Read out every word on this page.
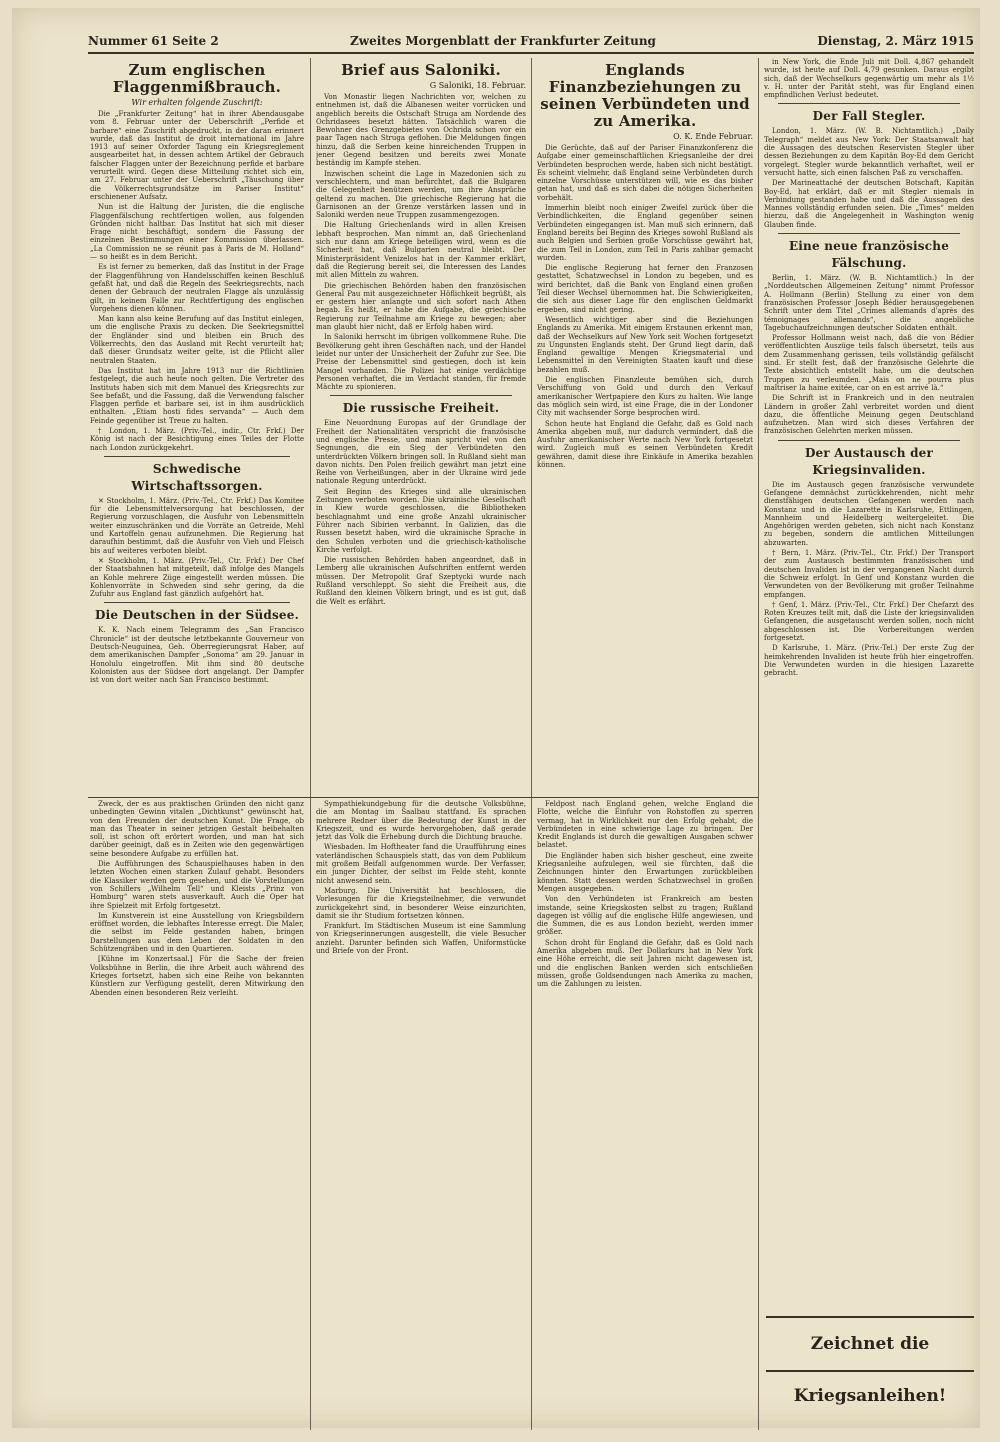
Nummer 61 Seite 2	Zweites Morgenblatt der Frankfurter Zeitung	Dienstag, 2. März 1915
Zum englischen Flaggenmißbrauch.
Wir erhalten folgende Zuschrift:

Die „Frankfurter Zeitung“ hat in ihrer Abendausgabe vom 8. Februar unter der Ueberschrift „Perfide et barbare“ eine Zuschrift abgedruckt, in der daran erinnert wurde, daß das Institut de droit international im Jahre 1913 auf seiner Oxforder Tagung ein Kriegsreglement ausgearbeitet hat, in dessen achtem Artikel der Gebrauch falscher Flaggen unter der Bezeichnung perfide et barbare verurteilt wird. Gegen diese Mitteilung richtet sich ein, am 27. Februar unter der Ueberschrift „Täuschung über die Völkerrechtsgrundsätze im Pariser Institut“ erschienener Aufsatz.

Nun ist die Haltung der Juristen, die die englische Flaggenfälschung rechtfertigen wollen, aus folgenden Gründen nicht haltbar. Das Institut hat sich mit dieser Frage nicht beschäftigt, sondern die Fassung der einzelnen Bestimmungen einer Kommission überlassen. „La Commission ne se réunit pas à Paris de M. Holland“ — so heißt es in dem Bericht.

Es ist ferner zu bemerken, daß das Institut in der Frage der Flaggenführung von Handelsschiffen keinen Beschluß gefaßt hat, und daß die Regeln des Seekriegsrechts, nach denen der Gebrauch der neutralen Flagge als unzulässig gilt, in keinem Falle zur Rechtfertigung des englischen Vorgehens dienen können.

Man kann also keine Berufung auf das Institut einlegen, um die englische Praxis zu decken. Die Seekriegsmittel der Engländer sind und bleiben ein Bruch des Völkerrechts, den das Ausland mit Recht verurteilt hat; daß dieser Grundsatz weiter gelte, ist die Pflicht aller neutralen Staaten.

Das Institut hat im Jahre 1913 nur die Richtlinien festgelegt, die auch heute noch gelten. Die Vertreter des Instituts haben sich mit dem Manuel des Kriegsrechts zur See befaßt, und die Fassung, daß die Verwendung falscher Flaggen perfide et barbare sei, ist in ihm ausdrücklich enthalten. „Etiam hosti fides servanda“ — Auch dem Feinde gegenüber ist Treue zu halten.

† London, 1. März. (Priv.-Tel., indir., Ctr. Frkf.) Der König ist nach der Besichtigung eines Teiles der Flotte nach London zurückgekehrt.

Schwedische Wirtschaftssorgen.

✕ Stockholm, 1. März. (Priv.-Tel., Ctr. Frkf.) Das Komitee für die Lebensmittelversorgung hat beschlossen, der Regierung vorzuschlagen, die Ausfuhr von Lebensmitteln weiter einzuschränken und die Vorräte an Getreide, Mehl und Kartoffeln genau aufzunehmen. Die Regierung hat daraufhin bestimmt, daß die Ausfuhr von Vieh und Fleisch bis auf weiteres verboten bleibt.

✕ Stockholm, 1. März. (Priv.-Tel., Ctr. Frkf.) Der Chef der Staatsbahnen hat mitgeteilt, daß infolge des Mangels an Kohle mehrere Züge eingestellt werden müssen. Die Kohlenvorräte in Schweden sind sehr gering, da die Zufuhr aus England fast gänzlich aufgehört hat.

Die Deutschen in der Südsee.

K. K. Nach einem Telegramm des „San Francisco Chronicle“ ist der deutsche letztbekannte Gouverneur von Deutsch-Neuguinea, Geh. Oberregierungsrat Haber, auf dem amerikanischen Dampfer „Sonoma“ am 29. Januar in Honolulu eingetroffen. Mit ihm sind 80 deutsche Kolonisten aus der Südsee dort angelangt. Der Dampfer ist von dort weiter nach San Francisco bestimmt.

Brief aus Saloniki.
G Saloniki, 18. Februar.

Von Monastir liegen Nachrichten vor, welchen zu entnehmen ist, daß die Albanesen weiter vorrücken und angeblich bereits die Ostschaft Struga am Nordende des Ochridasees besetzt hätten. Tatsächlich waren die Bewohner des Grenzgebietes von Ochrida schon vor ein paar Tagen nach Struga geflohen. Die Meldungen fingen hinzu, daß die Serben keine hinreichenden Truppen in jener Gegend besitzen und bereits zwei Monate beständig im Kampfe stehen.

Inzwischen scheint die Lage in Mazedonien sich zu verschlechtern, und man befürchtet, daß die Bulgaren die Gelegenheit benützen werden, um ihre Ansprüche geltend zu machen. Die griechische Regierung hat die Garnisonen an der Grenze verstärken lassen und in Saloniki werden neue Truppen zusammengezogen.

Die Haltung Griechenlands wird in allen Kreisen lebhaft besprochen. Man nimmt an, daß Griechenland sich nur dann am Kriege beteiligen wird, wenn es die Sicherheit hat, daß Bulgarien neutral bleibt. Der Ministerpräsident Venizelos hat in der Kammer erklärt, daß die Regierung bereit sei, die Interessen des Landes mit allen Mitteln zu wahren.

Die griechischen Behörden haben den französischen General Pau mit ausgezeichneter Höflichkeit begrüßt, als er gestern hier anlangte und sich sofort nach Athen begab. Es heißt, er habe die Aufgabe, die griechische Regierung zur Teilnahme am Kriege zu bewegen; aber man glaubt hier nicht, daß er Erfolg haben wird.

In Saloniki herrscht im übrigen vollkommene Ruhe. Die Bevölkerung geht ihren Geschäften nach, und der Handel leidet nur unter der Unsicherheit der Zufuhr zur See. Die Preise der Lebensmittel sind gestiegen, doch ist kein Mangel vorhanden. Die Polizei hat einige verdächtige Personen verhaftet, die im Verdacht standen, für fremde Mächte zu spionieren.

Die russische Freiheit.

Eine Neuordnung Europas auf der Grundlage der Freiheit der Nationalitäten verspricht die französische und englische Presse, und man spricht viel von den Segnungen, die ein Sieg der Verbündeten den unterdrückten Völkern bringen soll. In Rußland sieht man davon nichts. Den Polen freilich gewährt man jetzt eine Reihe von Verheißungen, aber in der Ukraine wird jede nationale Regung unterdrückt.

Seit Beginn des Krieges sind alle ukrainischen Zeitungen verboten worden. Die ukrainische Gesellschaft in Kiew wurde geschlossen, die Bibliotheken beschlagnahmt und eine große Anzahl ukrainischer Führer nach Sibirien verbannt. In Galizien, das die Russen besetzt haben, wird die ukrainische Sprache in den Schulen verboten und die griechisch-katholische Kirche verfolgt.

Die russischen Behörden haben angeordnet, daß in Lemberg alle ukrainischen Aufschriften entfernt werden müssen. Der Metropolit Graf Szeptycki wurde nach Rußland verschleppt. So sieht die Freiheit aus, die Rußland den kleinen Völkern bringt, und es ist gut, daß die Welt es erfährt.

Englands Finanzbeziehungen zu seinen Verbündeten und zu Amerika.
O. K. Ende Februar.

Die Gerüchte, daß auf der Pariser Finanzkonferenz die Aufgabe einer gemeinschaftlichen Kriegsanleihe der drei Verbündeten besprochen werde, haben sich nicht bestätigt. Es scheint vielmehr, daß England seine Verbündeten durch einzelne Vorschüsse unterstützen will, wie es das bisher getan hat, und daß es sich dabei die nötigen Sicherheiten vorbehält.

Immerhin bleibt noch einiger Zweifel zurück über die Verbindlichkeiten, die England gegenüber seinen Verbündeten eingegangen ist. Man muß sich erinnern, daß England bereits bei Beginn des Krieges sowohl Rußland als auch Belgien und Serbien große Vorschüsse gewährt hat, die zum Teil in London, zum Teil in Paris zahlbar gemacht wurden.

Die englische Regierung hat ferner den Franzosen gestattet, Schatzwechsel in London zu begeben, und es wird berichtet, daß die Bank von England einen großen Teil dieser Wechsel übernommen hat. Die Schwierigkeiten, die sich aus dieser Lage für den englischen Geldmarkt ergeben, sind nicht gering.

Wesentlich wichtiger aber sind die Beziehungen Englands zu Amerika. Mit einigem Erstaunen erkennt man, daß der Wechselkurs auf New York seit Wochen fortgesetzt zu Ungunsten Englands steht. Der Grund liegt darin, daß England gewaltige Mengen Kriegsmaterial und Lebensmittel in den Vereinigten Staaten kauft und diese bezahlen muß.

Die englischen Finanzleute bemühen sich, durch Verschiffung von Gold und durch den Verkauf amerikanischer Wertpapiere den Kurs zu halten. Wie lange das möglich sein wird, ist eine Frage, die in der Londoner City mit wachsender Sorge besprochen wird.

Schon heute hat England die Gefahr, daß es Gold nach Amerika abgeben muß, nur dadurch vermindert, daß die Ausfuhr amerikanischer Werte nach New York fortgesetzt wird. Zugleich muß es seinen Verbündeten Kredit gewähren, damit diese ihre Einkäufe in Amerika bezahlen können.

in New York, die Ende Juli mit Doll. 4,867 gehandelt wurde, ist heute auf Doll. 4,79 gesunken. Daraus ergibt sich, daß der Wechselkurs gegenwärtig um mehr als 1½ v. H. unter der Parität steht, was für England einen empfindlichen Verlust bedeutet.

Der Fall Stegler.

London, 1. März. (W. B. Nichtamtlich.) „Daily Telegraph“ meldet aus New York: Der Staatsanwalt hat die Aussagen des deutschen Reservisten Stegler über dessen Beziehungen zu dem Kapitän Boy-Ed dem Gericht vorgelegt. Stegler wurde bekanntlich verhaftet, weil er versucht hatte, sich einen falschen Paß zu verschaffen.

Der Marineattaché der deutschen Botschaft, Kapitän Boy-Ed, hat erklärt, daß er mit Stegler niemals in Verbindung gestanden habe und daß die Aussagen des Mannes vollständig erfunden seien. Die „Times“ melden hierzu, daß die Angelegenheit in Washington wenig Glauben finde.

Eine neue französische Fälschung.

Berlin, 1. März. (W. B. Nichtamtlich.) In der „Norddeutschen Allgemeinen Zeitung“ nimmt Professor A. Hollmann (Berlin) Stellung zu einer von dem französischen Professor Joseph Bédier herausgegebenen Schrift unter dem Titel „Crimes allemands d'après des témoignages allemands“, die angebliche Tagebuchaufzeichnungen deutscher Soldaten enthält.

Professor Hollmann weist nach, daß die von Bédier veröffentlichten Auszüge teils falsch übersetzt, teils aus dem Zusammenhang gerissen, teils vollständig gefälscht sind. Er stellt fest, daß der französische Gelehrte die Texte absichtlich entstellt habe, um die deutschen Truppen zu verleumden. „Mais on ne pourra plus maîtriser la haine exitée, car on en est arrivé là.“

Die Schrift ist in Frankreich und in den neutralen Ländern in großer Zahl verbreitet worden und dient dazu, die öffentliche Meinung gegen Deutschland aufzuhetzen. Man wird sich dieses Verfahren der französischen Gelehrten merken müssen.

Der Austausch der Kriegsinvaliden.

Die im Austausch gegen französische verwundete Gefangene demnächst zurückkehrenden, nicht mehr dienstfähigen deutschen Gefangenen werden nach Konstanz und in die Lazarette in Karlsruhe, Ettlingen, Mannheim und Heidelberg weitergeleitet. Die Angehörigen werden gebeten, sich nicht nach Konstanz zu begeben, sondern die amtlichen Mitteilungen abzuwarten.

† Bern, 1. März. (Priv.-Tel., Ctr. Frkf.) Der Transport der zum Austausch bestimmten französischen und deutschen Invaliden ist in der vergangenen Nacht durch die Schweiz erfolgt. In Genf und Konstanz wurden die Verwundeten von der Bevölkerung mit großer Teilnahme empfangen.

† Genf, 1. März. (Priv.-Tel., Ctr. Frkf.) Der Chefarzt des Roten Kreuzes teilt mit, daß die Liste der kriegsinvaliden Gefangenen, die ausgetauscht werden sollen, noch nicht abgeschlossen ist. Die Vorbereitungen werden fortgesetzt.

D Karlsruhe, 1. März. (Priv.-Tel.) Der erste Zug der heimkehrenden Invaliden ist heute früh hier eingetroffen. Die Verwundeten wurden in die hiesigen Lazarette gebracht.

Zweck, der es aus praktischen Gründen den nicht ganz unbedingten Gewinn vitalen „Dichtkunst“ gewünscht hat, von den Freunden der deutschen Kunst. Die Frage, ob man das Theater in seiner jetzigen Gestalt beibehalten soll, ist schon oft erörtert worden, und man hat sich darüber geeinigt, daß es in Zeiten wie den gegenwärtigen seine besondere Aufgabe zu erfüllen hat.

Die Aufführungen des Schauspielhauses haben in den letzten Wochen einen starken Zulauf gehabt. Besonders die Klassiker werden gern gesehen, und die Vorstellungen von Schillers „Wilhelm Tell“ und Kleists „Prinz von Homburg“ waren stets ausverkauft. Auch die Oper hat ihre Spielzeit mit Erfolg fortgesetzt.

Im Kunstverein ist eine Ausstellung von Kriegsbildern eröffnet worden, die lebhaftes Interesse erregt. Die Maler, die selbst im Felde gestanden haben, bringen Darstellungen aus dem Leben der Soldaten in den Schützengräben und in den Quartieren.

[Kühne im Konzertsaal.] Für die Sache der freien Volksbühne in Berlin, die ihre Arbeit auch während des Krieges fortsetzt, haben sich eine Reihe von bekannten Künstlern zur Verfügung gestellt, deren Mitwirkung den Abenden einen besonderen Reiz verleiht.

Sympathiekundgebung für die deutsche Volksbühne, die am Montag im Saalbau stattfand. Es sprachen mehrere Redner über die Bedeutung der Kunst in der Kriegszeit, und es wurde hervorgehoben, daß gerade jetzt das Volk die Erhebung durch die Dichtung brauche.

Wiesbaden. Im Hoftheater fand die Uraufführung eines vaterländischen Schauspiels statt, das von dem Publikum mit großem Beifall aufgenommen wurde. Der Verfasser, ein junger Dichter, der selbst im Felde steht, konnte nicht anwesend sein.

Marburg. Die Universität hat beschlossen, die Vorlesungen für die Kriegsteilnehmer, die verwundet zurückgekehrt sind, in besonderer Weise einzurichten, damit sie ihr Studium fortsetzen können.

Frankfurt. Im Städtischen Museum ist eine Sammlung von Kriegserinnerungen ausgestellt, die viele Besucher anzieht. Darunter befinden sich Waffen, Uniformstücke und Briefe von der Front.

Feldpost nach England gehen, welche England die Flotte, welche die Einfuhr von Rohstoffen zu sperren vermag, hat in Wirklichkeit nur den Erfolg gehabt, die Verbündeten in eine schwierige Lage zu bringen. Der Kredit Englands ist durch die gewaltigen Ausgaben schwer belastet.

Die Engländer haben sich bisher gescheut, eine zweite Kriegsanleihe aufzulegen, weil sie fürchten, daß die Zeichnungen hinter den Erwartungen zurückbleiben könnten. Statt dessen werden Schatzwechsel in großen Mengen ausgegeben.

Von den Verbündeten ist Frankreich am besten imstande, seine Kriegskosten selbst zu tragen; Rußland dagegen ist völlig auf die englische Hilfe angewiesen, und die Summen, die es aus London bezieht, werden immer größer.

Schon droht für England die Gefahr, daß es Gold nach Amerika abgeben muß. Der Dollarkurs hat in New York eine Höhe erreicht, die seit Jahren nicht dagewesen ist, und die englischen Banken werden sich entschließen müssen, große Goldsendungen nach Amerika zu machen, um die Zahlungen zu leisten.

Zeichnet die Kriegsanleihen!
